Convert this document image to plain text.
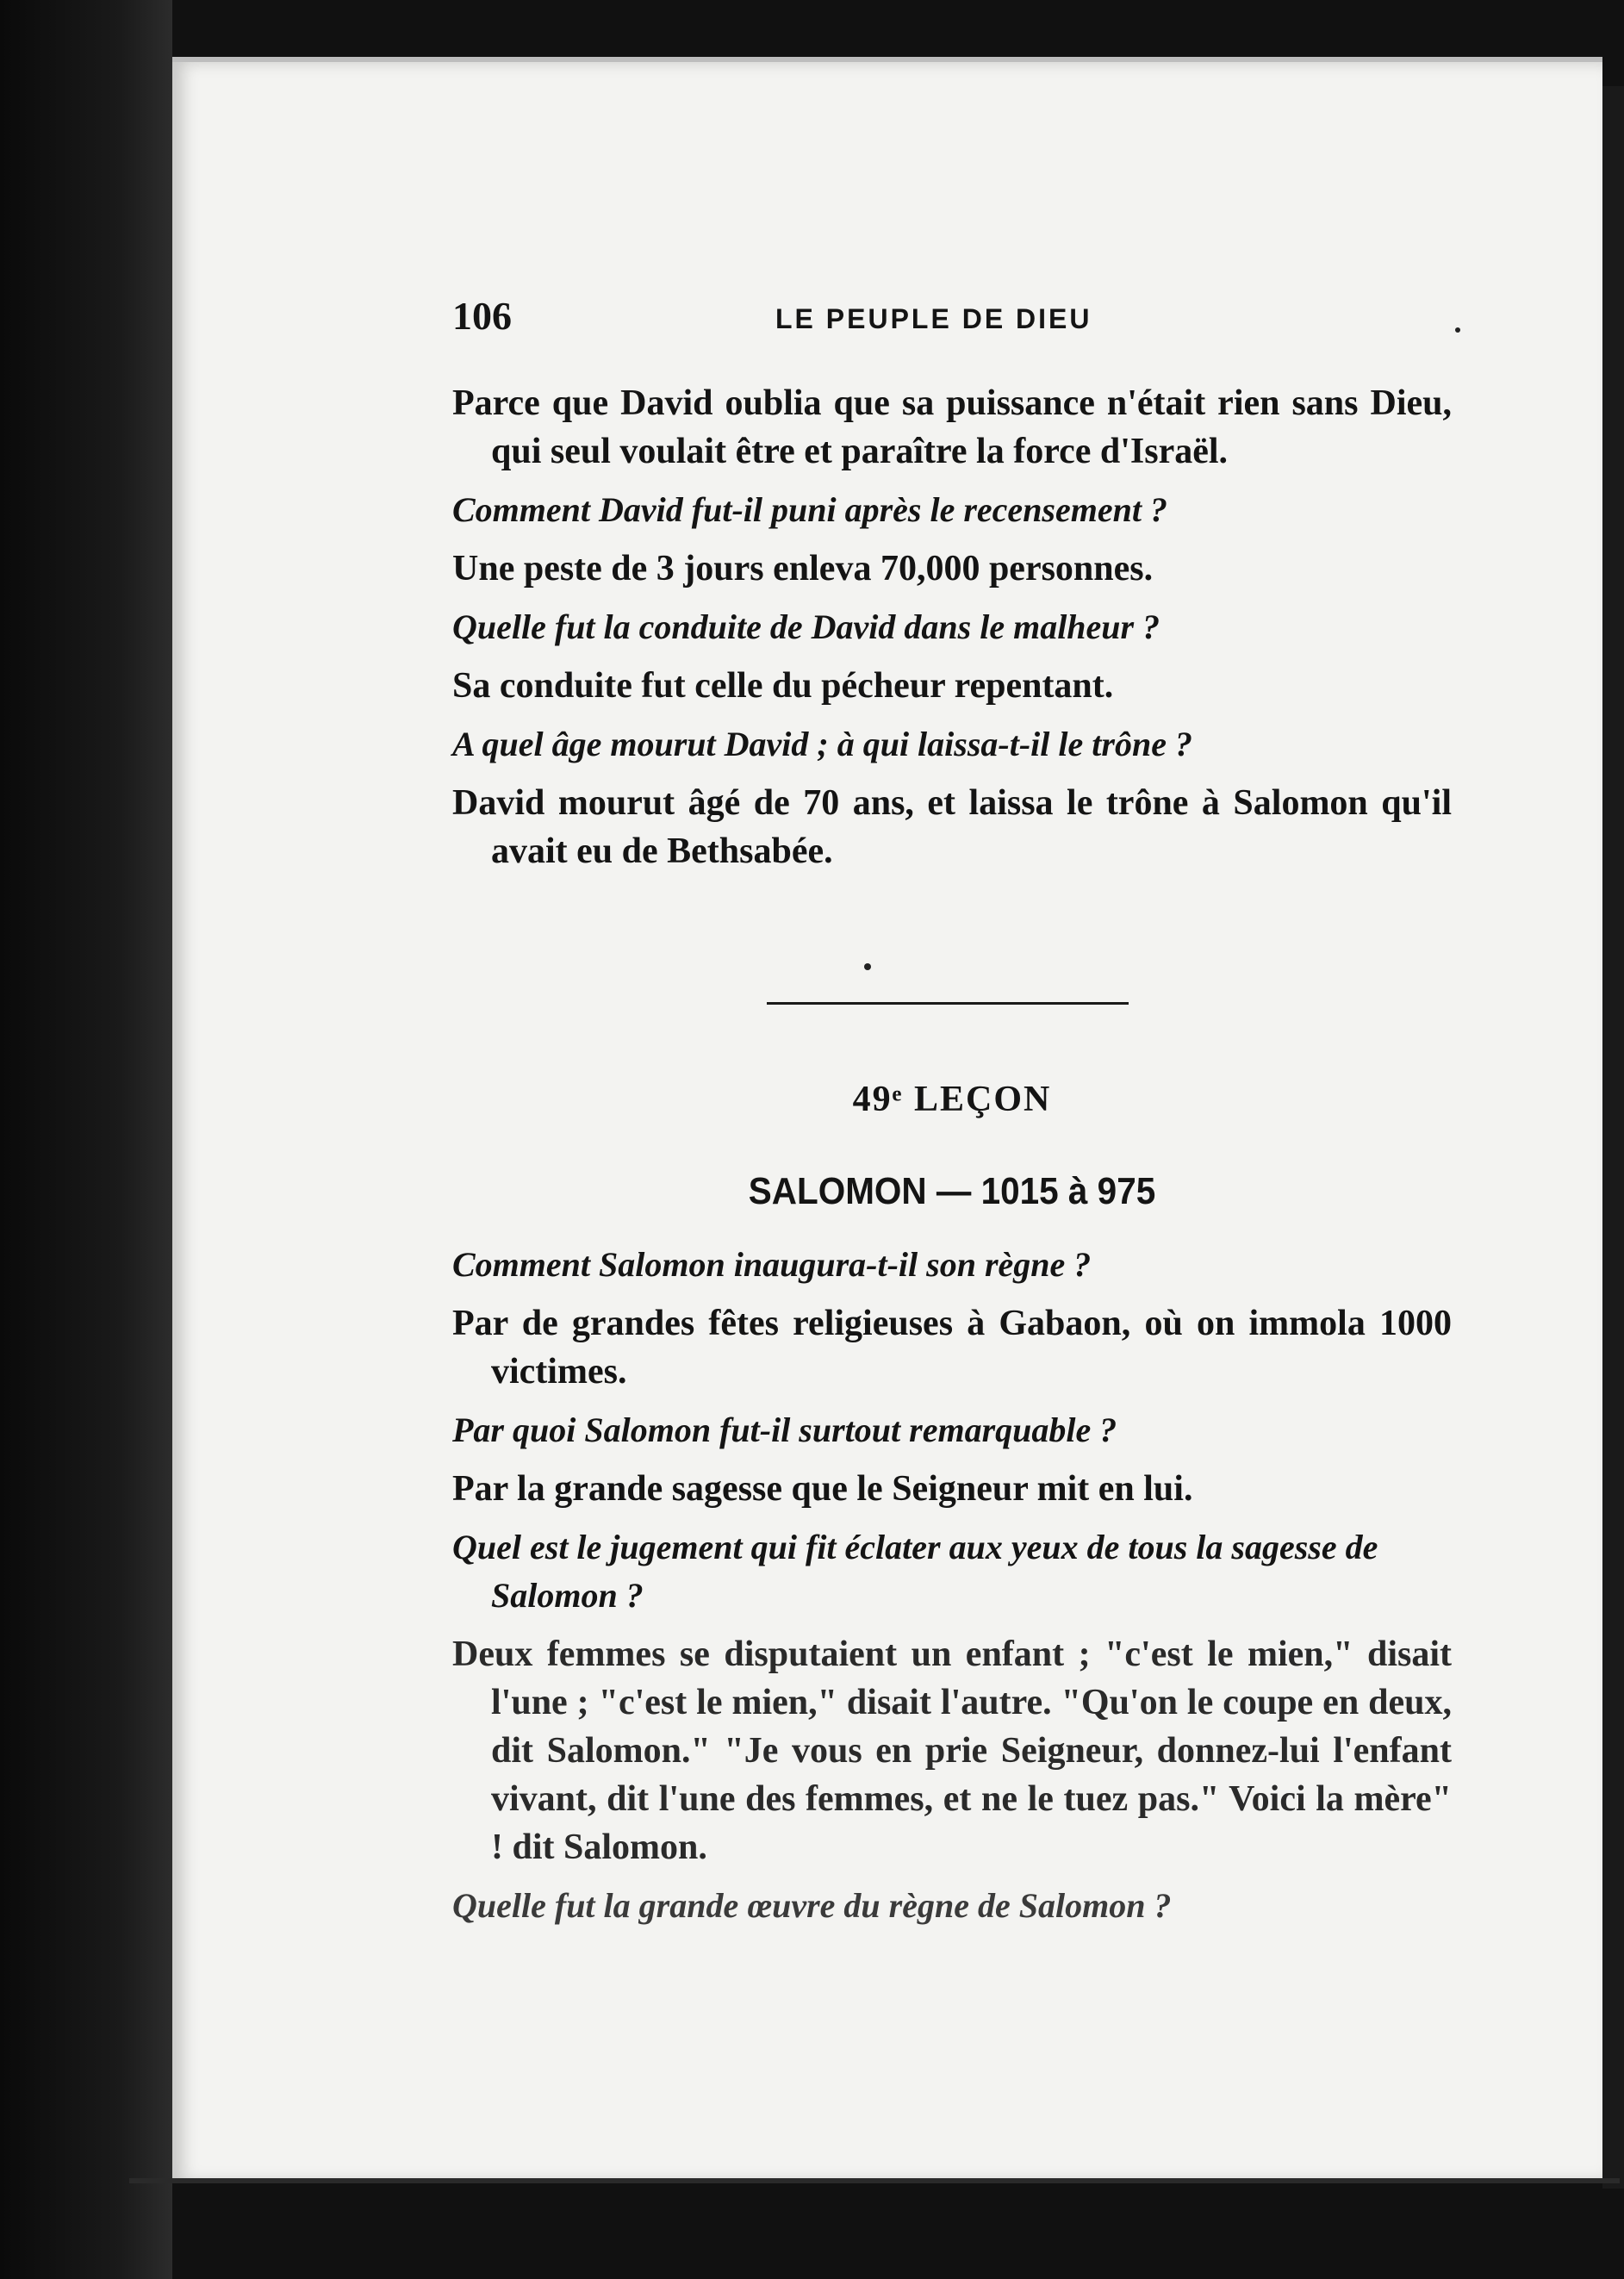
106	LE PEUPLE DE DIEU

Parce que David oublia que sa puissance n'était rien sans Dieu, qui seul voulait être et paraître la force d'Israël.

Comment David fut-il puni après le recensement ?

Une peste de 3 jours enleva 70,000 personnes.

Quelle fut la conduite de David dans le malheur ?

Sa conduite fut celle du pécheur repentant.

A quel âge mourut David ; à qui laissa-t-il le trône ?

David mourut âgé de 70 ans, et laissa le trône à Salomon qu'il avait eu de Bethsabée.

49ᵉ LEÇON
SALOMON — 1015 à 975

Comment Salomon inaugura-t-il son règne ?

Par de grandes fêtes religieuses à Gabaon, où on immola 1000 victimes.

Par quoi Salomon fut-il surtout remarquable ?

Par la grande sagesse que le Seigneur mit en lui.

Quel est le jugement qui fit éclater aux yeux de tous la sagesse de Salomon ?

Deux femmes se disputaient un enfant ; "c'est le mien," disait l'une ; "c'est le mien," disait l'autre. "Qu'on le coupe en deux, dit Salomon." "Je vous en prie Seigneur, donnez-lui l'enfant vivant, dit l'une des femmes, et ne le tuez pas." Voici la mère" ! dit Salomon.

Quelle fut la grande œuvre du règne de Salomon ?
